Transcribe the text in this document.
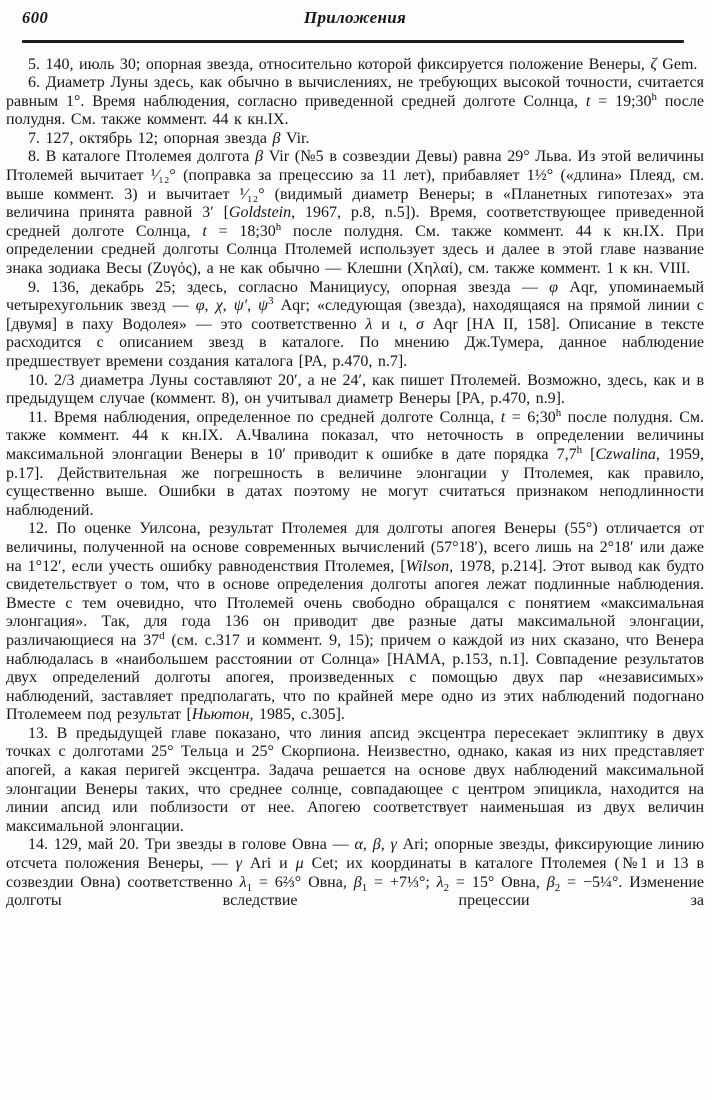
600	Приложения

5. 140, июль 30; опорная звезда, относительно которой фиксируется положение Венеры, ζ Gem.

6. Диаметр Луны здесь, как обычно в вычислениях, не требующих высокой точности, считается равным 1°. Время наблюдения, согласно приведенной средней долготе Солнца, $t = 19;30^h$ после полудня. См. также коммент. 44 к кн.IX.

7. 127, октябрь 12; опорная звезда β Vir.

8. В каталоге Птолемея долгота β Vir (№5 в созвездии Девы) равна 29° Льва. Из этой величины Птолемей вычитает ¹⁄₁₂° (поправка за прецессию за 11 лет), прибавляет 1½° («длина» Плеяд, см. выше коммент. 3) и вычитает ¹⁄₁₂° (видимый диаметр Венеры; в «Планетных гипотезах» эта величина принята равной 3′ [Goldstein, 1967, p.8, n.5]). Время, соответствующее приведенной средней долготе Солнца, $t = 18;30^h$ после полудня. См. также коммент. 44 к кн.IX. При определении средней долготы Солнца Птолемей использует здесь и далее в этой главе название знака зодиака Весы (Ζυγός), а не как обычно — Клешни (Χηλαί), см. также коммент. 1 к кн. VIII.

9. 136, декабрь 25; здесь, согласно Манициусу, опорная звезда — φ Aqr, упоминаемый четырехугольник звезд — φ, χ, ψ′, $\psi^3$ Aqr; «следующая (звезда), находящаяся на прямой линии с [двумя] в паху Водолея» — это соответственно λ и ι, σ Aqr [HA II, 158]. Описание в тексте расходится с описанием звезд в каталоге. По мнению Дж.Тумера, данное наблюдение предшествует времени создания каталога [PA, p.470, n.7].

10. 2/3 диаметра Луны составляют 20′, а не 24′, как пишет Птолемей. Возможно, здесь, как и в предыдущем случае (коммент. 8), он учитывал диаметр Венеры [PA, p.470, n.9].

11. Время наблюдения, определенное по средней долготе Солнца, $t = 6;30^h$ после полудня. См. также коммент. 44 к кн.IX. А.Чвалина показал, что неточность в определении величины максимальной элонгации Венеры в 10′ приводит к ошибке в дате порядка 7,7$^h$ [Czwalina, 1959, p.17]. Действительная же погрешность в величине элонгации у Птолемея, как правило, существенно выше. Ошибки в датах поэтому не могут считаться признаком неподлинности наблюдений.

12. По оценке Уилсона, результат Птолемея для долготы апогея Венеры (55°) отличается от величины, полученной на основе современных вычислений (57°18′), всего лишь на 2°18′ или даже на 1°12′, если учесть ошибку равноденствия Птолемея, [Wilson, 1978, p.214]. Этот вывод как будто свидетельствует о том, что в основе определения долготы апогея лежат подлинные наблюдения. Вместе с тем очевидно, что Птолемей очень свободно обращался с понятием «максимальная элонгация». Так, для года 136 он приводит две разные даты максимальной элонгации, различающиеся на 37$^d$ (см. с.317 и коммент. 9, 15); причем о каждой из них сказано, что Венера наблюдалась в «наибольшем расстоянии от Солнца» [HAMA, p.153, n.1]. Совпадение результатов двух определений долготы апогея, произведенных с помощью двух пар «независимых» наблюдений, заставляет предполагать, что по крайней мере одно из этих наблюдений подогнано Птолемеем под результат [Ньютон, 1985, с.305].

13. В предыдущей главе показано, что линия апсид эксцентра пересекает эклиптику в двух точках с долготами 25° Тельца и 25° Скорпиона. Неизвестно, однако, какая из них представляет апогей, а какая перигей эксцентра. Задача решается на основе двух наблюдений максимальной элонгации Венеры таких, что среднее солнце, совпадающее с центром эпицикла, находится на линии апсид или поблизости от нее. Апогею соответствует наименьшая из двух величин максимальной элонгации.

14. 129, май 20. Три звезды в голове Овна — α, β, γ Ari; опорные звезды, фиксирующие линию отсчета положения Венеры, — γ Ari и μ Cet; их координаты в каталоге Птолемея (№1 и 13 в созвездии Овна) соответственно $\lambda_1$ = 6⅔° Овна, $\beta_1$ = +7⅓°; $\lambda_2 = 15^\circ$ Овна, $\beta_2$ = −5¼°. Изменение долготы вследствие прецессии за
